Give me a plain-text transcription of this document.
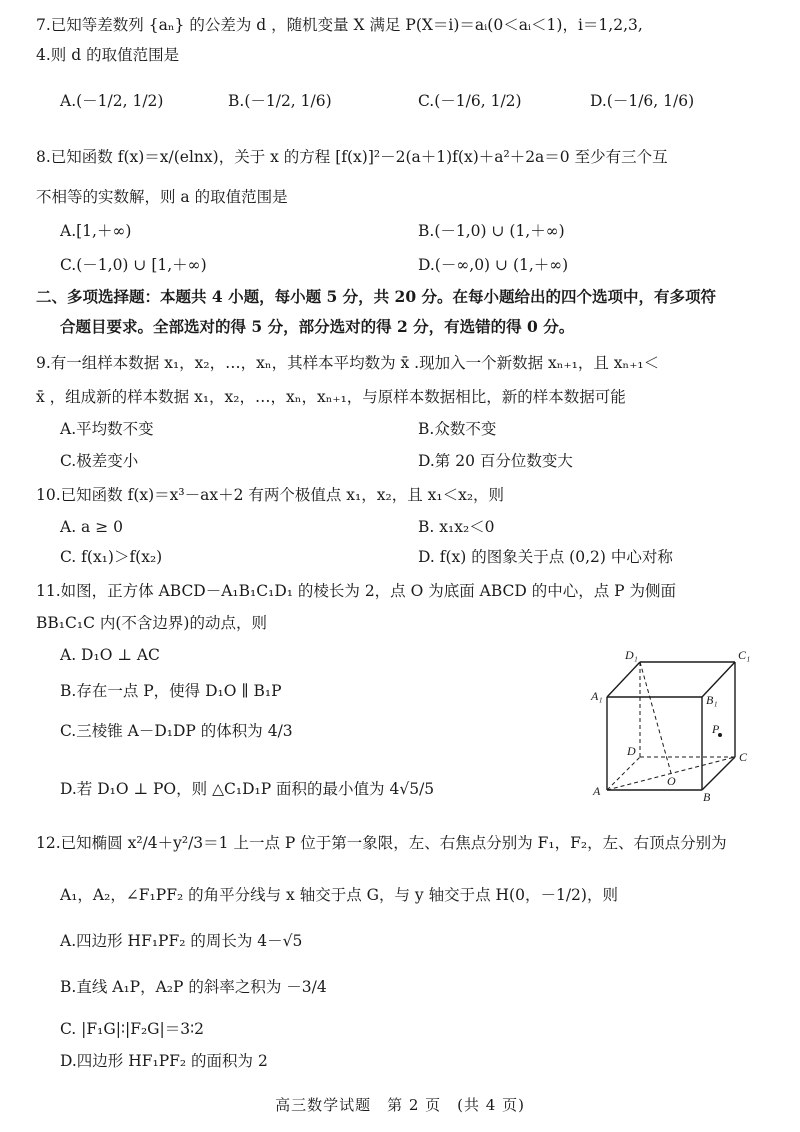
7.已知等差数列 {aₙ} 的公差为 d ，随机变量 X 满足 P(X＝i)＝aᵢ(0＜aᵢ＜1)，i＝1,2,3,
4.则 d 的取值范围是
A.(－1/2, 1/2)	B.(－1/2, 1/6)	C.(－1/6, 1/2)	D.(－1/6, 1/6)
8.已知函数 f(x)＝x/(elnx)，关于 x 的方程 [f(x)]²－2(a＋1)f(x)＋a²＋2a＝0 至少有三个互
不相等的实数解，则 a 的取值范围是
A.[1,＋∞)	B.(－1,0) ∪ (1,＋∞)
C.(－1,0) ∪ [1,＋∞)	D.(－∞,0) ∪ (1,＋∞)
二、多项选择题：本题共 4 小题，每小题 5 分，共 20 分。在每小题给出的四个选项中，有多项符
合题目要求。全部选对的得 5 分，部分选对的得 2 分，有选错的得 0 分。
9.有一组样本数据 x₁，x₂，…，xₙ，其样本平均数为 x̄ .现加入一个新数据 xₙ₊₁，且 xₙ₊₁＜
x̄ ，组成新的样本数据 x₁，x₂，…，xₙ，xₙ₊₁，与原样本数据相比，新的样本数据可能
A.平均数不变	B.众数不变
C.极差变小	D.第 20 百分位数变大
10.已知函数 f(x)＝x³－ax＋2 有两个极值点 x₁，x₂，且 x₁＜x₂，则
A. a ≥ 0	B. x₁x₂＜0
C. f(x₁)＞f(x₂)	D. f(x) 的图象关于点 (0,2) 中心对称
11.如图，正方体 ABCD－A₁B₁C₁D₁ 的棱长为 2，点 O 为底面 ABCD 的中心，点 P 为侧面
BB₁C₁C 内(不含边界)的动点，则
A. D₁O ⊥ AC
B.存在一点 P，使得 D₁O ∥ B₁P
C.三棱锥 A－D₁DP 的体积为 4/3
D.若 D₁O ⊥ PO，则 △C₁D₁P 面积的最小值为 4√5/5
D₁	C₁
A₁	B₁
P
D	C
O
A	B
12.已知椭圆 x²/4＋y²/3＝1 上一点 P 位于第一象限，左、右焦点分别为 F₁，F₂，左、右顶点分别为
A₁，A₂，∠F₁PF₂ 的角平分线与 x 轴交于点 G，与 y 轴交于点 H(0，－1/2)，则
A.四边形 HF₁PF₂ 的周长为 4－√5
B.直线 A₁P，A₂P 的斜率之积为 －3/4
C. |F₁G|∶|F₂G|＝3∶2
D.四边形 HF₁PF₂ 的面积为 2
高三数学试题　第 2 页　(共 4 页)
